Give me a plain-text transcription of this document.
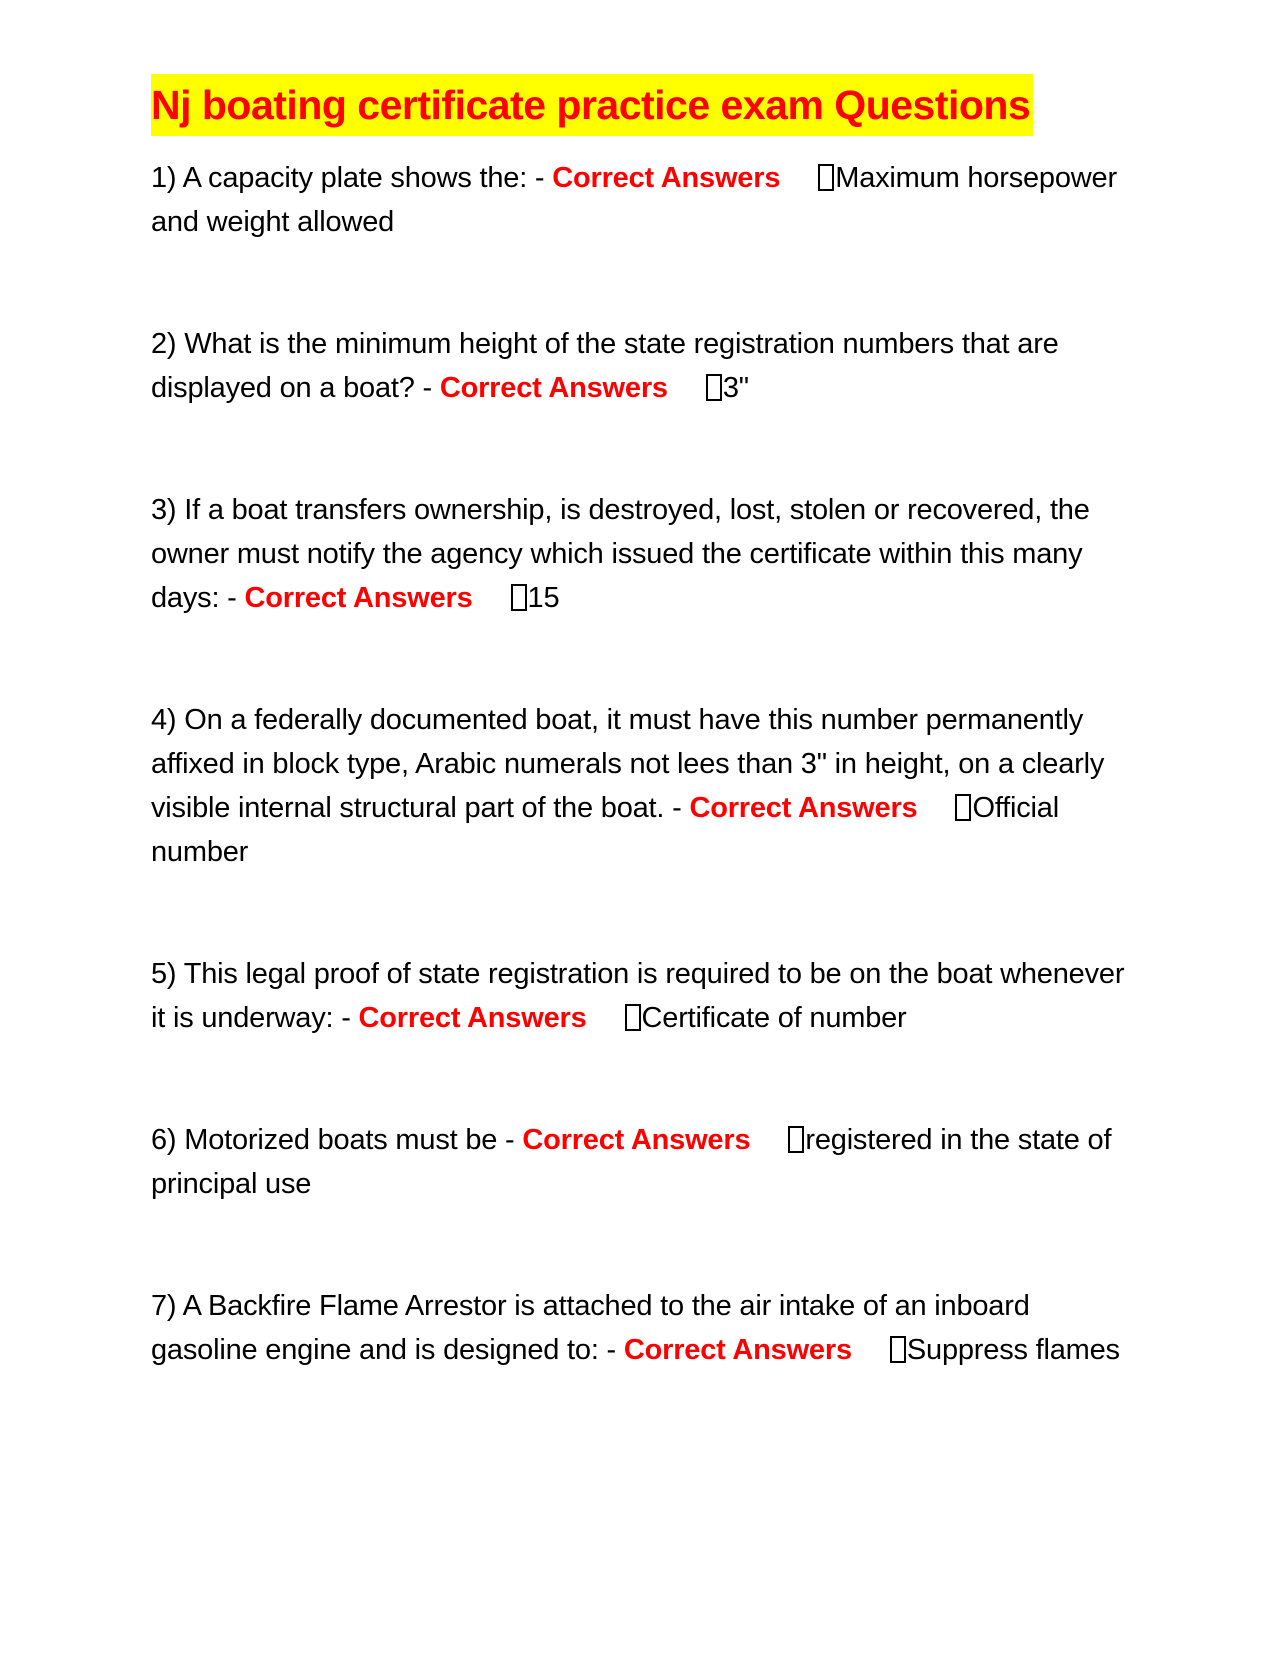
Nj boating certificate practice exam Questions

1) A capacity plate shows the: - Correct Answers Maximum horsepower and weight allowed

2) What is the minimum height of the state registration numbers that are displayed on a boat? - Correct Answers 3"

3) If a boat transfers ownership, is destroyed, lost, stolen or recovered, the owner must notify the agency which issued the certificate within this many days: - Correct Answers 15

4) On a federally documented boat, it must have this number permanently affixed in block type, Arabic numerals not lees than 3" in height, on a clearly visible internal structural part of the boat. - Correct Answers Official number

5) This legal proof of state registration is required to be on the boat whenever it is underway: - Correct Answers Certificate of number

6) Motorized boats must be - Correct Answers registered in the state of principal use

7) A Backfire Flame Arrestor is attached to the air intake of an inboard gasoline engine and is designed to: - Correct Answers Suppress flames
